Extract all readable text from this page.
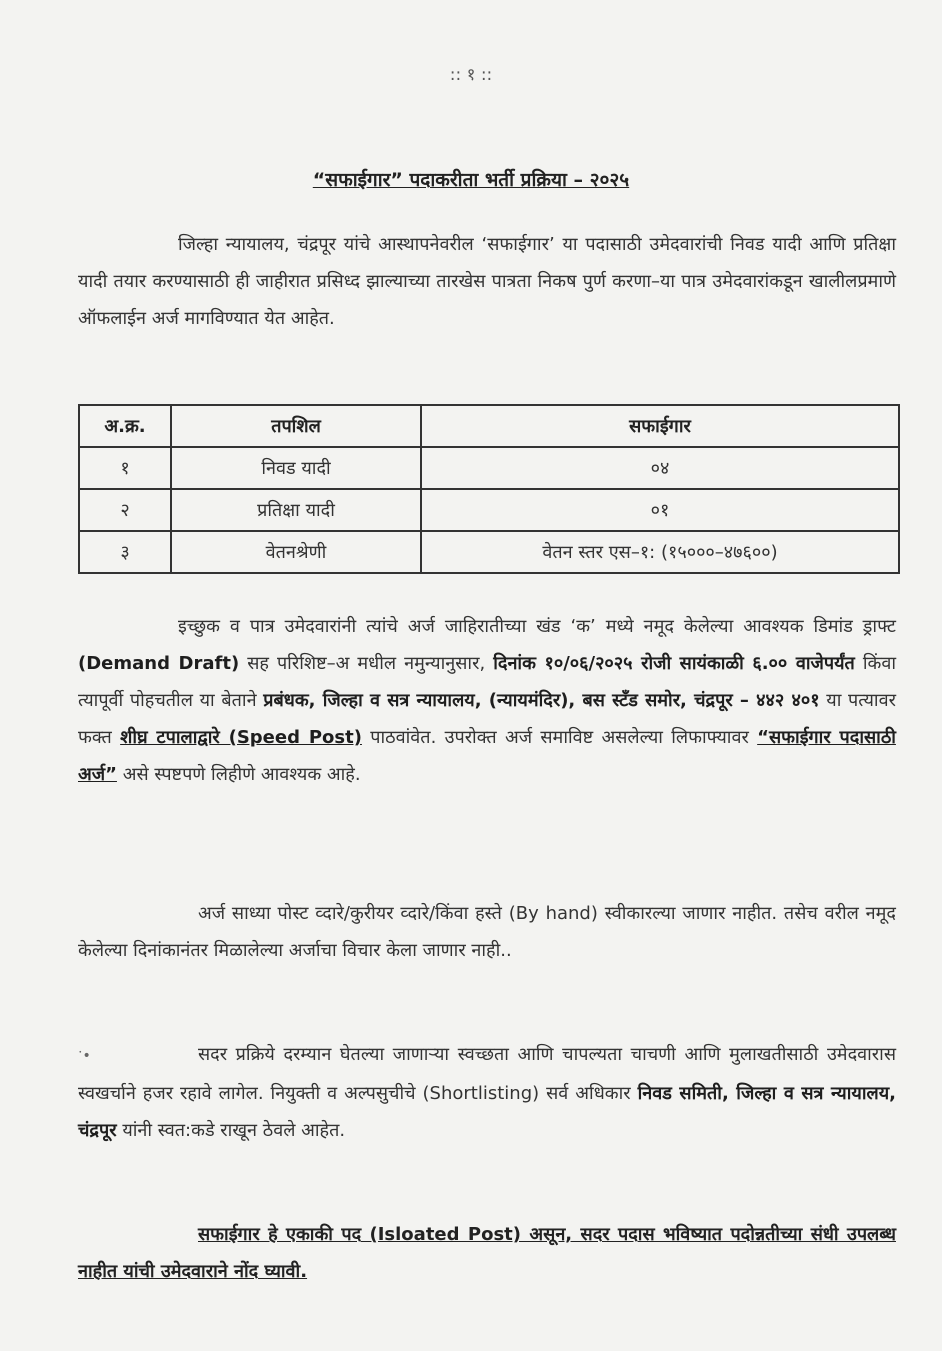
:: १ ::
“सफाईगार” पदाकरीता भर्ती प्रक्रिया – २०२५
जिल्हा न्यायालय, चंद्रपूर यांचे आस्थापनेवरील ‘सफाईगार’ या पदासाठी उमेदवारांची निवड यादी आणि प्रतिक्षा यादी तयार करण्यासाठी ही जाहीरात प्रसिध्द झाल्याच्या तारखेस पात्रता निकष पुर्ण करणा–या पात्र उमेदवारांकडून खालीलप्रमाणे ऑफलाईन अर्ज मागविण्यात येत आहेत.
अ.क्र.	तपशिल	सफाईगार
१	निवड यादी	०४
२	प्रतिक्षा यादी	०१
३	वेतनश्रेणी	वेतन स्तर एस–१: (१५०००–४७६००)
इच्छुक व पात्र उमेदवारांनी त्यांचे अर्ज जाहिरातीच्या खंड ‘क’ मध्ये नमूद केलेल्या आवश्यक डिमांड ड्राफ्ट (Demand Draft) सह परिशिष्ट–अ मधील नमुन्यानुसार, दिनांक १०/०६/२०२५ रोजी सायंकाळी ६.०० वाजेपर्यंत किंवा त्यापूर्वी पोहचतील या बेताने प्रबंधक, जिल्हा व सत्र न्यायालय, (न्यायमंदिर), बस स्टॅंड समोर, चंद्रपूर – ४४२ ४०१ या पत्यावर फक्त शीघ्र टपालाद्वारे (Speed Post) पाठवांवेत. उपरोक्त अर्ज समाविष्ट असलेल्या लिफाफ्यावर “सफाईगार पदासाठी अर्ज” असे स्पष्टपणे लिहीणे आवश्यक आहे.
अर्ज साध्या पोस्ट व्दारे/कुरीयर व्दारे/किंवा हस्ते (By hand) स्वीकारल्या जाणार नाहीत. तसेच वरील नमूद केलेल्या दिनांकानंतर मिळालेल्या अर्जाचा विचार केला जाणार नाही..
ॱ•	सदर प्रक्रिये दरम्यान घेतल्या जाणाऱ्या स्वच्छता आणि चापल्यता चाचणी आणि मुलाखतीसाठी उमेदवारास स्वखर्चाने हजर रहावे लागेल. नियुक्ती व अल्पसुचीचे (Shortlisting) सर्व अधिकार निवड समिती, जिल्हा व सत्र न्यायालय, चंद्रपूर यांनी स्वत:कडे राखून ठेवले आहेत.
सफाईगार हे एकाकी पद (Isloated Post) असून, सदर पदास भविष्यात पदोन्नतीच्या संधी उपलब्ध नाहीत यांची उमेदवाराने नोंद घ्यावी.
